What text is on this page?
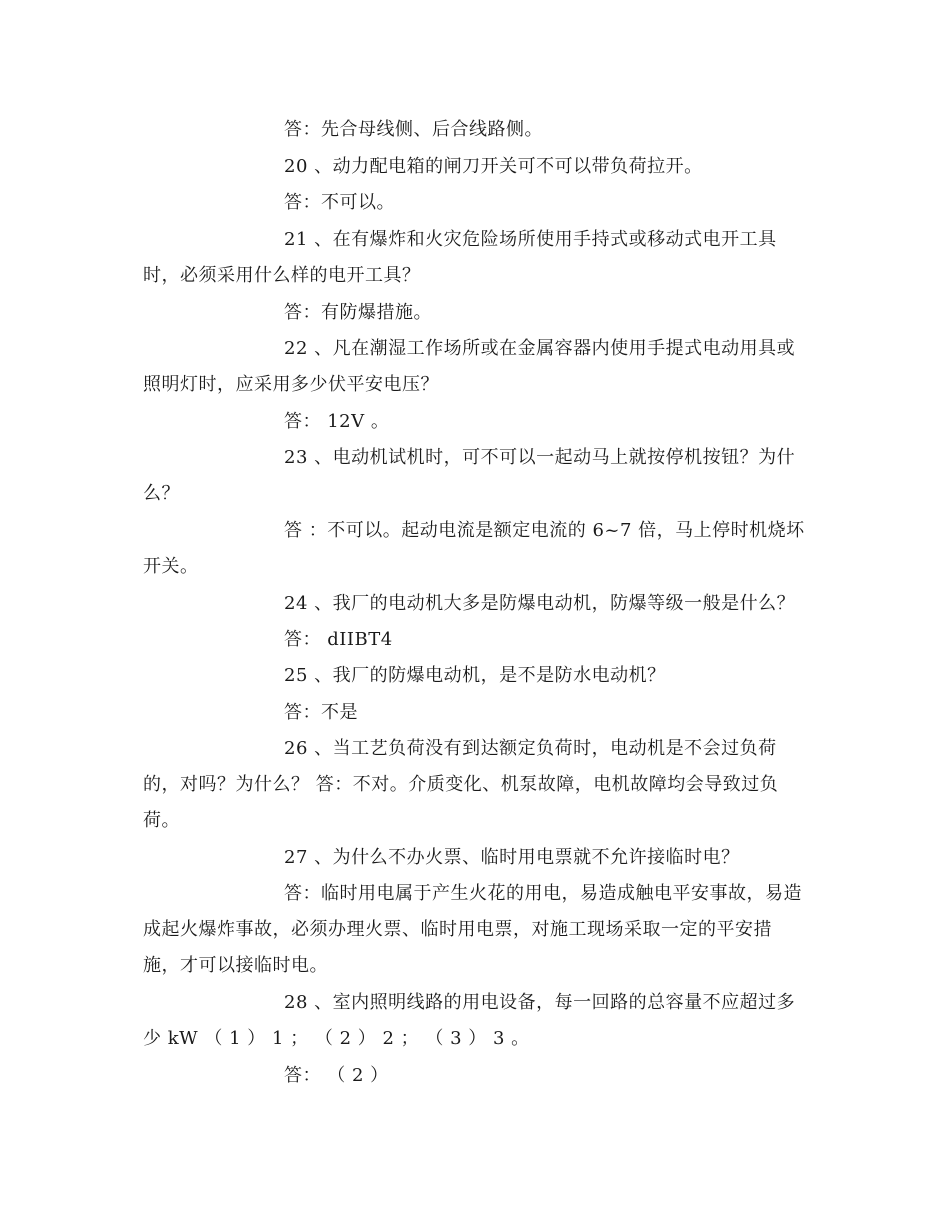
答：先合母线侧、后合线路侧。

20 、动力配电箱的闸刀开关可不可以带负荷拉开。

答：不可以。

21 、在有爆炸和火灾危险场所使用手持式或移动式电开工具时，必须采用什么样的电开工具？

答：有防爆措施。

22 、凡在潮湿工作场所或在金属容器内使用手提式电动用具或照明灯时，应采用多少伏平安电压？

答： 12V 。

23 、电动机试机时，可不可以一起动马上就按停机按钮？为什么？

答 ：不可以。起动电流是额定电流的 6~7 倍，马上停时机烧坏开关。

24 、我厂的电动机大多是防爆电动机，防爆等级一般是什么？

答： dIIBT4

25 、我厂的防爆电动机，是不是防水电动机？

答：不是

26 、当工艺负荷没有到达额定负荷时，电动机是不会过负荷的，对吗？为什么？ 答：不对。介质变化、机泵故障，电机故障均会导致过负荷。

27 、为什么不办火票、临时用电票就不允许接临时电？

答：临时用电属于产生火花的用电，易造成触电平安事故，易造成起火爆炸事故，必须办理火票、临时用电票，对施工现场采取一定的平安措施，才可以接临时电。

28 、室内照明线路的用电设备，每一回路的总容量不应超过多少 kW （ 1 ） 1 ； （ 2 ） 2 ； （ 3 ） 3 。

答： （ 2 ）
